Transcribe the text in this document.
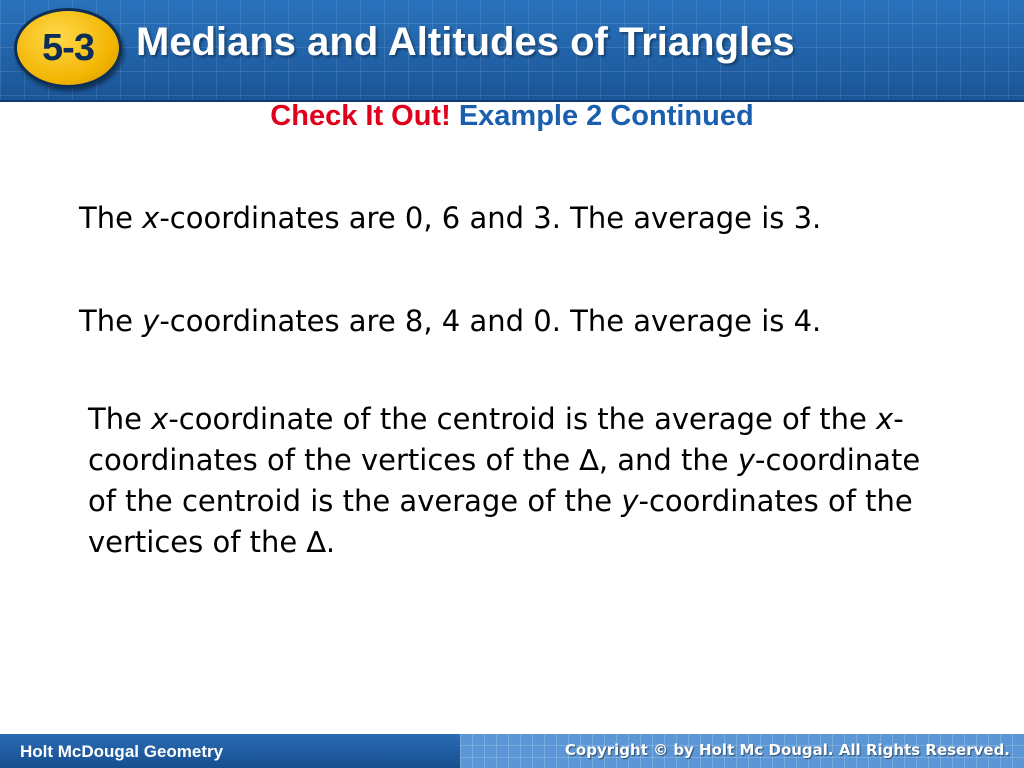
5-3 Medians and Altitudes of Triangles
Check It Out! Example 2 Continued
The x-coordinates are 0, 6 and 3. The average is 3.
The y-coordinates are 8, 4 and 0. The average is 4.
The x-coordinate of the centroid is the average of the x-coordinates of the vertices of the ∆, and the y-coordinate of the centroid is the average of the y-coordinates of the vertices of the ∆.
Holt McDougal Geometry	Copyright © by Holt Mc Dougal. All Rights Reserved.
